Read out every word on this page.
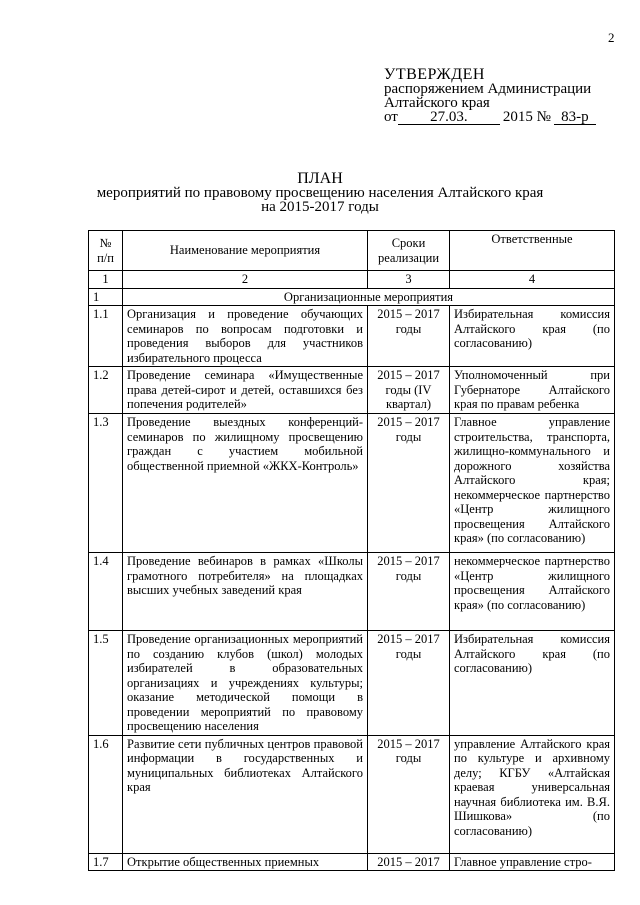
2
УТВЕРЖДЕН
распоряжением Администрации
Алтайского края
от	27.03.	2015 № 83-р
ПЛАН
мероприятий по правовому просвещению населения Алтайского края
на 2015-2017 годы
№ п/п	Наименование мероприятия	Сроки реализации	Ответственные
1	2	3	4
1	Организационные мероприятия		
1.1	Организация и проведение обучающих семинаров по вопросам подготовки и проведения выборов для участников избирательного процесса	2015 – 2017 годы	Избирательная комиссия Алтайского края (по согласованию)
1.2	Проведение семинара «Имущественные права детей-сирот и детей, оставшихся без попечения родителей»	2015 – 2017 годы (IV квартал)	Уполномоченный при Губернаторе Алтайского края по правам ребенка
1.3	Проведение выездных конференций-семинаров по жилищному просвещению граждан с участием мобильной общественной приемной «ЖКХ-Контроль»	2015 – 2017 годы	Главное управление строительства, транспорта, жилищно-коммунального и дорожного хозяйства Алтайского края; некоммерческое партнерство «Центр жилищного просвещения Алтайского края» (по согласованию)
1.4	Проведение вебинаров в рамках «Школы грамотного потребителя» на площадках высших учебных заведений края	2015 – 2017 годы	некоммерческое партнерство «Центр жилищного просвещения Алтайского края» (по согласованию)
1.5	Проведение организационных мероприятий по созданию клубов (школ) молодых избирателей в образовательных организациях и учреждениях культуры; оказание методической помощи в проведении мероприятий по правовому просвещению населения	2015 – 2017 годы	Избирательная комиссия Алтайского края (по согласованию)
1.6	Развитие сети публичных центров правовой информации в государственных и муниципальных библиотеках Алтайского края	2015 – 2017 годы	управление Алтайского края по культуре и архивному делу; КГБУ «Алтайская краевая универсальная научная библиотека им. В.Я. Шишкова» (по согласованию)
1.7	Открытие общественных приемных	2015 – 2017	Главное управление стро-
